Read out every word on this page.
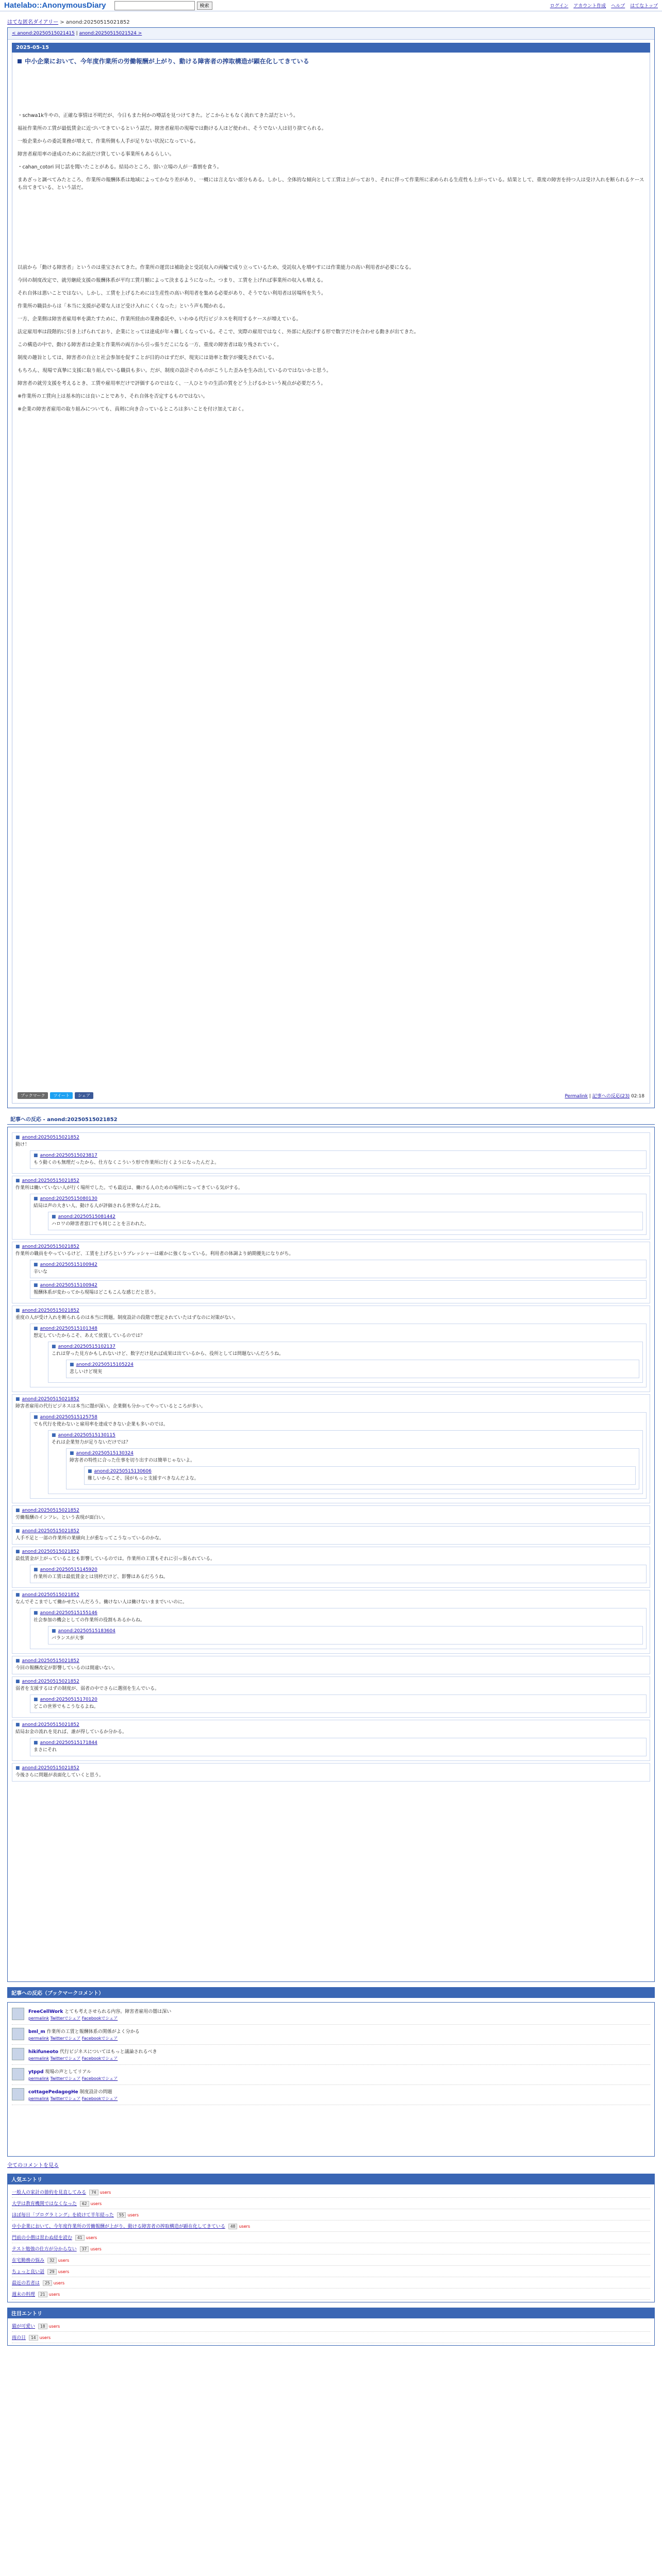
Hatelabo::AnonymousDiary	検索	ログイン アカウント作成 ヘルプ はてなトップ
はてな匿名ダイアリー > anond:20250515021852
< anond:20250515021415 | anond:20250515021524 >
2025-05-15
中小企業において、今年度作業所の労働報酬が上がり、動ける障害者の搾取構造が顕在化してきている

・schwa1k牛やの、正確な事情は不明だが、今日もまた何かの噂話を見つけてきた。どこからともなく流れてきた話だという。

福祉作業所の工賃が最低賃金に近づいてきているという話だ。障害者雇用の現場では動ける人ほど使われ、そうでない人は切り捨てられる。

一般企業からの委託業務が増えて、作業所側も人手が足りない状況になっている。

障害者雇用率の達成のために名前だけ貸している事業所もあるらしい。

・cahan_cotori 同じ話を聞いたことがある。結局のところ、弱い立場の人が一番割を食う。

まあざっと調べてみたところ、作業所の報酬体系は地域によってかなり差があり、一概には言えない部分もある。しかし、全体的な傾向として工賃は上がっており、それに伴って作業所に求められる生産性も上がっている。結果として、重度の障害を持つ人は受け入れを断られるケースも出てきている、という話だ。

以前から「動ける障害者」というのは重宝されてきた。作業所の運営は補助金と受託収入の両輪で成り立っているため、受託収入を増やすには作業能力の高い利用者が必要になる。

今回の制度改定で、就労継続支援の報酬体系が平均工賃月額によって決まるようになった。つまり、工賃を上げれば事業所の収入も増える。

それ自体は悪いことではない。しかし、工賃を上げるためには生産性の高い利用者を集める必要があり、そうでない利用者は居場所を失う。

作業所の職員からは「本当に支援が必要な人ほど受け入れにくくなった」という声も聞かれる。

一方、企業側は障害者雇用率を満たすために、作業所経由の業務委託や、いわゆる代行ビジネスを利用するケースが増えている。

法定雇用率は段階的に引き上げられており、企業にとっては達成が年々難しくなっている。そこで、実際の雇用ではなく、外部に丸投げする形で数字だけを合わせる動きが出てきた。

この構造の中で、動ける障害者は企業と作業所の両方から引っ張りだこになる一方、重度の障害者は取り残されていく。

制度の趣旨としては、障害者の自立と社会参加を促すことが目的のはずだが、現実には効率と数字が優先されている。

もちろん、現場で真摯に支援に取り組んでいる職員も多い。だが、制度の設計そのものがこうした歪みを生み出しているのではないかと思う。

障害者の就労支援を考えるとき、工賃や雇用率だけで評価するのではなく、一人ひとりの生活の質をどう上げるかという視点が必要だろう。

※作業所の工賃向上は基本的には良いことであり、それ自体を否定するものではない。

※企業の障害者雇用の取り組みについても、真剣に向き合っているところは多いことを付け加えておく。

ブックマーク	ツイート	シェア	Permalink | 記事への反応(23) 02:18
記事への反応 - anond:20250515021852
■ anond:20250515021852
動け！
■ anond:20250515023817
もう動くのも無理だったから、仕方なくこういう形で作業所に行くようになったんだよ。
■ anond:20250515021852
作業所は働いていない人が行く場所でした。でも最近は、働ける人のための場所になってきている気がする。
■ anond:20250515080130
結局は声の大きい人、動ける人が評価される世界なんだよね。
■ anond:20250515081442
ハロワの障害者窓口でも同じことを言われた。
■ anond:20250515021852
作業所の職員をやっているけど、工賃を上げろというプレッシャーは確かに強くなっている。利用者の体調より納期優先になりがち。
■ anond:20250515100942
辛いな
■ anond:20250515100942
報酬体系が変わってから現場はどこもこんな感じだと思う。
■ anond:20250515021852
重度の人が受け入れを断られるのは本当に問題。制度設計の段階で想定されていたはずなのに対策がない。
■ anond:20250515101348
想定していたからこそ、あえて放置しているのでは？
■ anond:20250515102137
これは穿った見方かもしれないけど、数字だけ見れば成果は出ているから、役所としては問題ないんだろうね。
■ anond:20250515105224
悲しいけど現実
■ anond:20250515021852
障害者雇用の代行ビジネスは本当に闇が深い。企業側も分かってやっているところが多い。
■ anond:20250515125758
でも代行を使わないと雇用率を達成できない企業も多いのでは。
■ anond:20250515130115
それは企業努力が足りないだけでは？
■ anond:20250515130324
障害者の特性に合った仕事を切り出すのは簡単じゃないよ。
■ anond:20250515130606
難しいからこそ、国がもっと支援すべきなんだよな。
■ anond:20250515021852
労働報酬のインフレ。という表現が面白い。
■ anond:20250515021852
人手不足と一部の作業所の業績向上が重なってこうなっているのかな。
■ anond:20250515021852
最低賃金が上がっていることも影響しているのでは。作業所の工賃もそれに引っ張られている。
■ anond:20250515145920
作業所の工賃は最低賃金とは別枠だけど、影響はあるだろうね。
■ anond:20250515021852
なんでそこまでして働かせたいんだろう。働けない人は働けないままでいいのに。
■ anond:20250515155146
社会参加の機会としての作業所の役割もあるからね。
■ anond:20250515183604
バランスが大事
■ anond:20250515021852
今回の報酬改定が影響しているのは間違いない。
■ anond:20250515021852
弱者を支援するはずの制度が、弱者の中でさらに選別を生んでいる。
■ anond:20250515170120
どこの世界でもこうなるよね。
■ anond:20250515021852
結局お金の流れを見れば、誰が得しているか分かる。
■ anond:20250515171844
まさにそれ
■ anond:20250515021852
今後さらに問題が表面化していくと思う。
記事への反応（ブックマークコメント）
FreeCellWork とても考えさせられる内容。障害者雇用の闇は深い
permalink Twitterでシェア Facebookでシェア
bml_m 作業所の工賃と報酬体系の関係がよく分かる
permalink Twitterでシェア Facebookでシェア
hikifuneoto 代行ビジネスについてはもっと議論されるべき
permalink Twitterでシェア Facebookでシェア
ytppd 現場の声としてリアル
permalink Twitterでシェア Facebookでシェア
cottagePedagogHe 制度設計の問題
permalink Twitterでシェア Facebookでシェア
全てのコメントを見る
人気エントリ
一般人の家計の節約を見直してみる 74 users
大学は教育機関ではなくなった 62 users
ほぼ毎日「プログラミング」を続けて半年経った 55 users
中小企業において、今年度作業所の労働報酬が上がり、動ける障害者の搾取構造が顕在化してきている 48 users
門前の小僧は習わぬ経を読む 41 users
テスト勉強の仕方が分からない 37 users
在宅勤務の悩み 32 users
ちょっと良い話 29 users
最近の若者は 25 users
週末の料理 21 users
注目エントリ
猫が可愛い 18 users
雨の日 14 users
